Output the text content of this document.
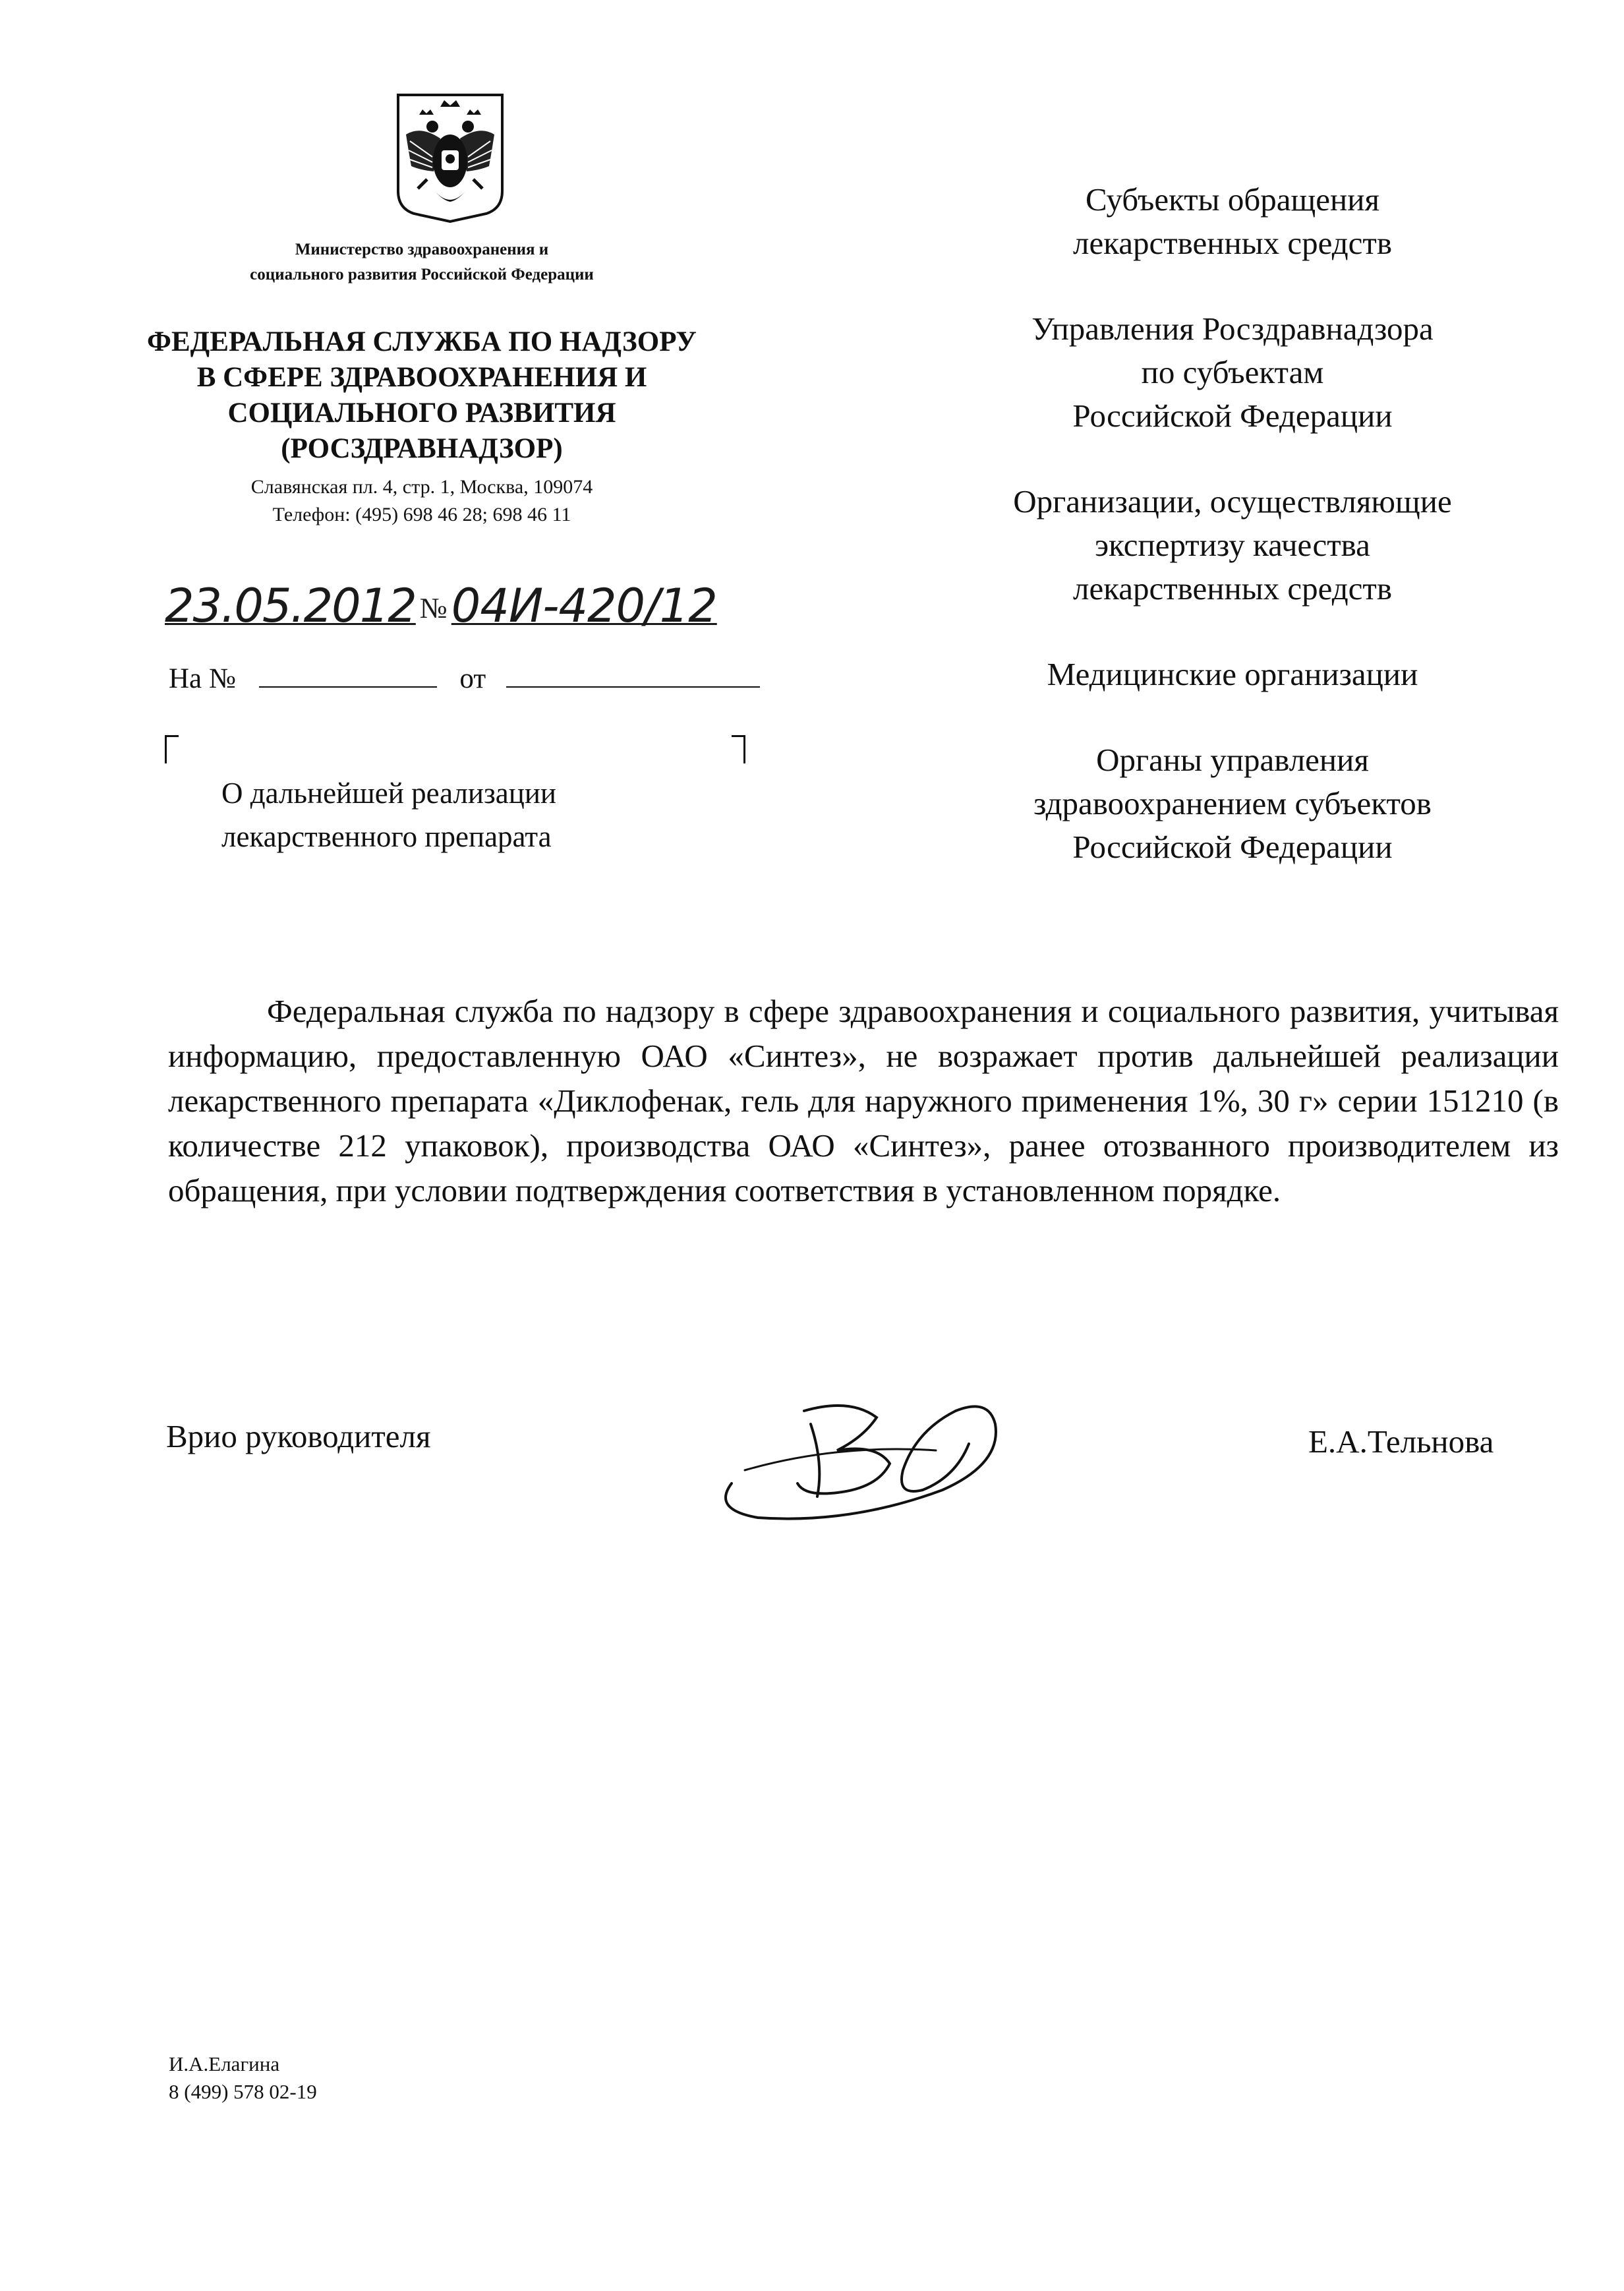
Министерство здравоохранения и
социального развития Российской Федерации
ФЕДЕРАЛЬНАЯ СЛУЖБА ПО НАДЗОРУ
В СФЕРЕ ЗДРАВООХРАНЕНИЯ И
СОЦИАЛЬНОГО РАЗВИТИЯ
(РОСЗДРАВНАДЗОР)
Славянская пл. 4, стр. 1, Москва, 109074
Телефон: (495) 698 46 28; 698 46 11
23.05.2012 № 04И-420/12
На №	от
О дальнейшей реализации
лекарственного препарата
Субъекты обращения
лекарственных средств
Управления Росздравнадзора
по субъектам
Российской Федерации
Организации, осуществляющие
экспертизу качества
лекарственных средств
Медицинские организации
Органы управления
здравоохранением субъектов
Российской Федерации
Федеральная служба по надзору в сфере здравоохранения и социального развития, учитывая информацию, предоставленную ОАО «Синтез», не возражает против дальнейшей реализации лекарственного препарата «Диклофенак, гель для наружного применения 1%, 30 г» серии 151210 (в количестве 212 упаковок), производства ОАО «Синтез», ранее отозванного производителем из обращения, при условии подтверждения соответствия в установленном порядке.
Врио руководителя	Е.А.Тельнова
И.А.Елагина
8 (499) 578 02-19
